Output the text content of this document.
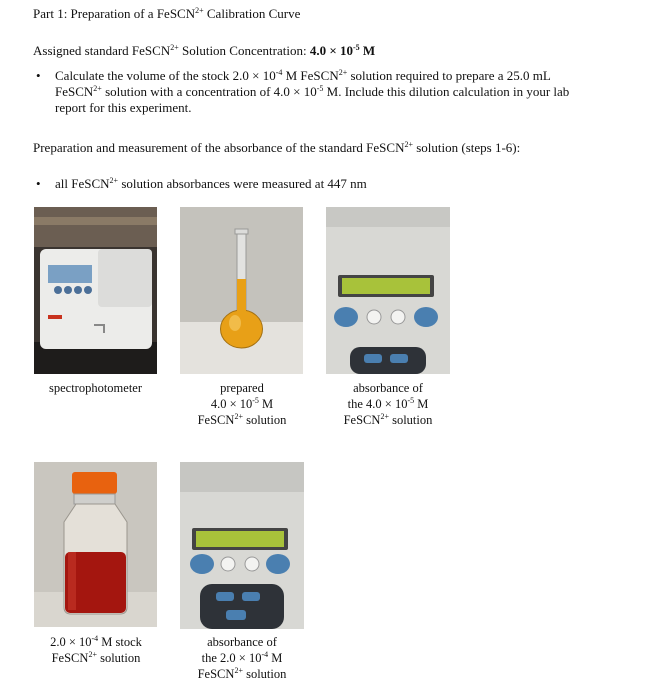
Part 1: Preparation of a FeSCN$^{2+}$ Calibration Curve
Assigned standard FeSCN$^{2+}$ Solution Concentration: $4.0 \times 10^{-5}$ M
• Calculate the volume of the stock $2.0 \times 10^{-4}$ M FeSCN$^{2+}$ solution required to prepare a 25.0 mL
FeSCN$^{2+}$ solution with a concentration of $4.0 \times 10^{-5}$ M. Include this dilution calculation in your lab
report for this experiment.
Preparation and measurement of the absorbance of the standard FeSCN$^{2+}$ solution (steps 1-6):
• all FeSCN$^{2+}$ solution absorbances were measured at 447 nm
spectrophotometer	prepared
$4.0 \times 10^{-5}$ M
FeSCN$^{2+}$ solution
absorbance of
the $4.0 \times 10^{-5}$ M
FeSCN$^{2+}$ solution
$2.0 \times 10^{-4}$ M stock
FeSCN$^{2+}$ solution
absorbance of
the $2.0 \times 10^{-4}$ M
FeSCN$^{2+}$ solution
